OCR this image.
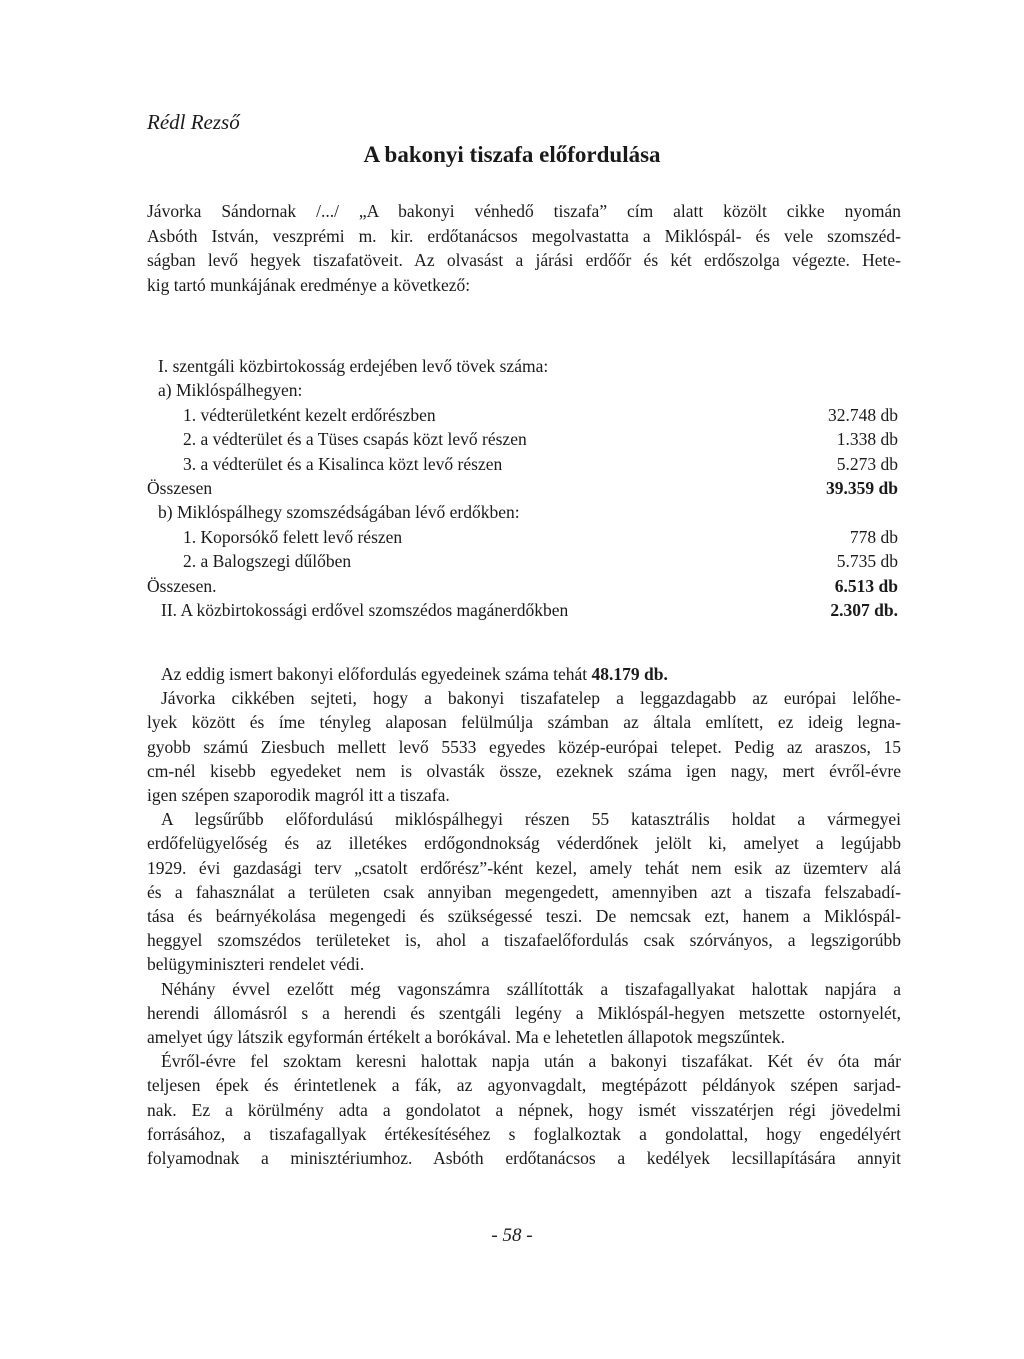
Rédl Rezső
A bakonyi tiszafa előfordulása
Jávorka Sándornak /.../ „A bakonyi vénhedő tiszafa” cím alatt közölt cikke nyomán
Asbóth István, veszprémi m. kir. erdőtanácsos megolvastatta a Miklóspál- és vele szomszéd-
ságban levő hegyek tiszafatöveit. Az olvasást a járási erdőőr és két erdőszolga végezte. Hete-
kig tartó munkájának eredménye a következő:
I. szentgáli közbirtokosság erdejében levő tövek száma:
a) Miklóspálhegyen:
1. védterületként kezelt erdőrészben	32.748 db
2. a védterület és a Tüses csapás közt levő részen	1.338 db
3. a védterület és a Kisalinca közt levő részen	5.273 db
Összesen	39.359 db
b) Miklóspálhegy szomszédságában lévő erdőkben:
1. Koporsókő felett levő részen	778 db
2. a Balogszegi dűlőben	5.735 db
Összesen.	6.513 db
II. A közbirtokossági erdővel szomszédos magánerdőkben	2.307 db.
Az eddig ismert bakonyi előfordulás egyedeinek száma tehát 48.179 db.
Jávorka cikkében sejteti, hogy a bakonyi tiszafatelep a leggazdagabb az európai lelőhe-
lyek között és íme tényleg alaposan felülmúlja számban az általa említett, ez ideig legna-
gyobb számú Ziesbuch mellett levő 5533 egyedes közép-európai telepet. Pedig az araszos, 15
cm-nél kisebb egyedeket nem is olvasták össze, ezeknek száma igen nagy, mert évről-évre
igen szépen szaporodik magról itt a tiszafa.
A legsűrűbb előfordulású miklóspálhegyi részen 55 katasztrális holdat a vármegyei
erdőfelügyelőség és az illetékes erdőgondnokság véderdőnek jelölt ki, amelyet a legújabb
1929. évi gazdasági terv „csatolt erdőrész”-ként kezel, amely tehát nem esik az üzemterv alá
és a fahasználat a területen csak annyiban megengedett, amennyiben azt a tiszafa felszabadí-
tása és beárnyékolása megengedi és szükségessé teszi. De nemcsak ezt, hanem a Miklóspál-
heggyel szomszédos területeket is, ahol a tiszafaelőfordulás csak szórványos, a legszigorúbb
belügyminiszteri rendelet védi.
Néhány évvel ezelőtt még vagonszámra szállították a tiszafagallyakat halottak napjára a
herendi állomásról s a herendi és szentgáli legény a Miklóspál-hegyen metszette ostornyelét,
amelyet úgy látszik egyformán értékelt a borókával. Ma e lehetetlen állapotok megszűntek.
Évről-évre fel szoktam keresni halottak napja után a bakonyi tiszafákat. Két év óta már
teljesen épek és érintetlenek a fák, az agyonvagdalt, megtépázott példányok szépen sarjad-
nak. Ez a körülmény adta a gondolatot a népnek, hogy ismét visszatérjen régi jövedelmi
forrásához, a tiszafagallyak értékesítéséhez s foglalkoztak a gondolattal, hogy engedélyért
folyamodnak a minisztériumhoz. Asbóth erdőtanácsos a kedélyek lecsillapítására annyit
- 58 -
